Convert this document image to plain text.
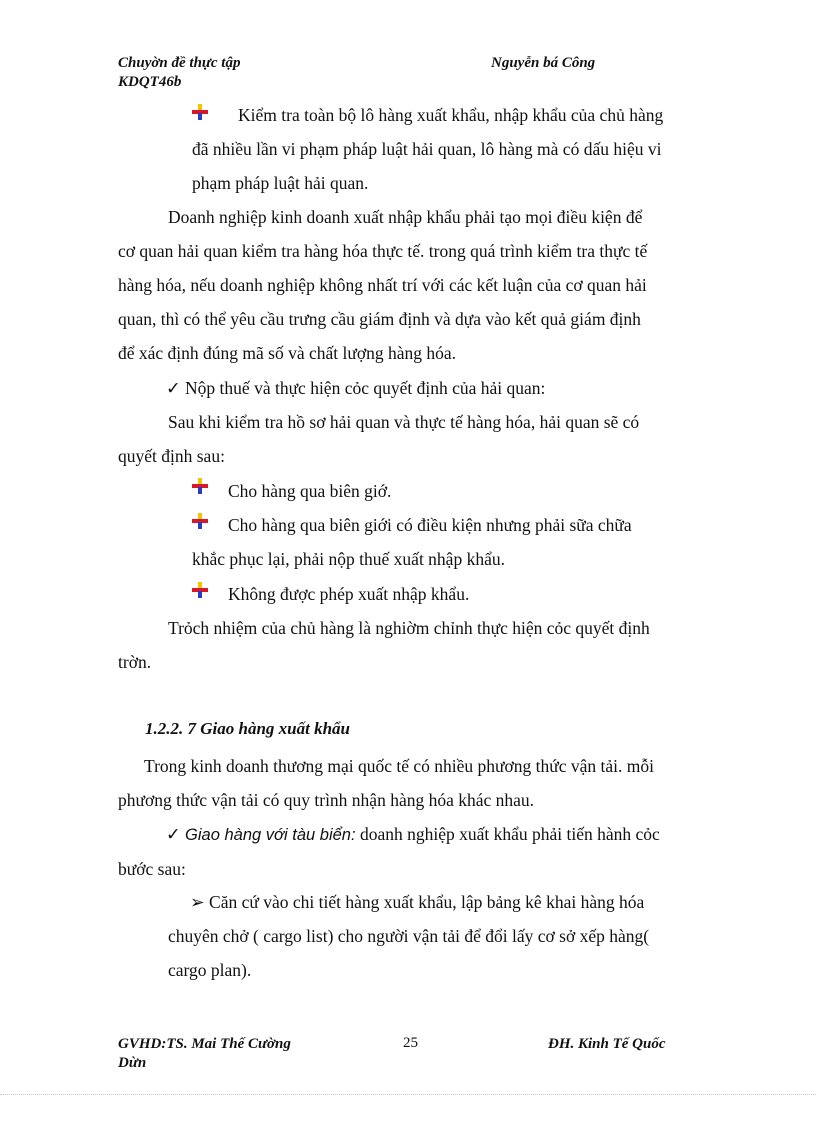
Chuyờn đề thực tập
KDQT46b
Nguyễn bá Công

Kiểm tra toàn bộ lô hàng xuất khẩu, nhập khẩu của chủ hàng
đã nhiều lần vi phạm pháp luật hải quan, lô hàng mà có dấu hiệu vi
phạm pháp luật hải quan.

Doanh nghiệp kinh doanh xuất nhập khẩu phải tạo mọi điều kiện để
cơ quan hải quan kiểm tra hàng hóa thực tế. trong quá trình kiểm tra thực tế
hàng hóa, nếu doanh nghiệp không nhất trí với các kết luận của cơ quan hải
quan, thì có thể yêu cầu trưng cầu giám định và dựa vào kết quả giám định
để xác định đúng mã số và chất lượng hàng hóa.

✓ Nộp thuế và thực hiện cỏc quyết định của hải quan:

Sau khi kiểm tra hồ sơ hải quan và thực tế hàng hóa, hải quan sẽ có
quyết định sau:

Cho hàng qua biên giớ.

Cho hàng qua biên giới có điều kiện nhưng phải sữa chữa
khắc phục lại, phải nộp thuế xuất nhập khẩu.

Không được phép xuất nhập khẩu.

Trỏch nhiệm của chủ hàng là nghiờm chỉnh thực hiện cỏc quyết định
trờn.

1.2.2. 7 Giao hàng xuất khẩu

Trong kinh doanh thương mại quốc tế có nhiều phương thức vận tải. mỗi
phương thức vận tải có quy trình nhận hàng hóa khác nhau.

✓ Giao hàng với tàu biển: doanh nghiệp xuất khẩu phải tiến hành cỏc
bước sau:

➢ Căn cứ vào chi tiết hàng xuất khẩu, lập bảng kê khai hàng hóa
chuyên chở ( cargo list) cho người vận tải để đổi lấy cơ sở xếp hàng(
cargo plan).

GVHD:TS. Mai Thế Cường
Dừn
25	ĐH. Kinh Tế Quốc
